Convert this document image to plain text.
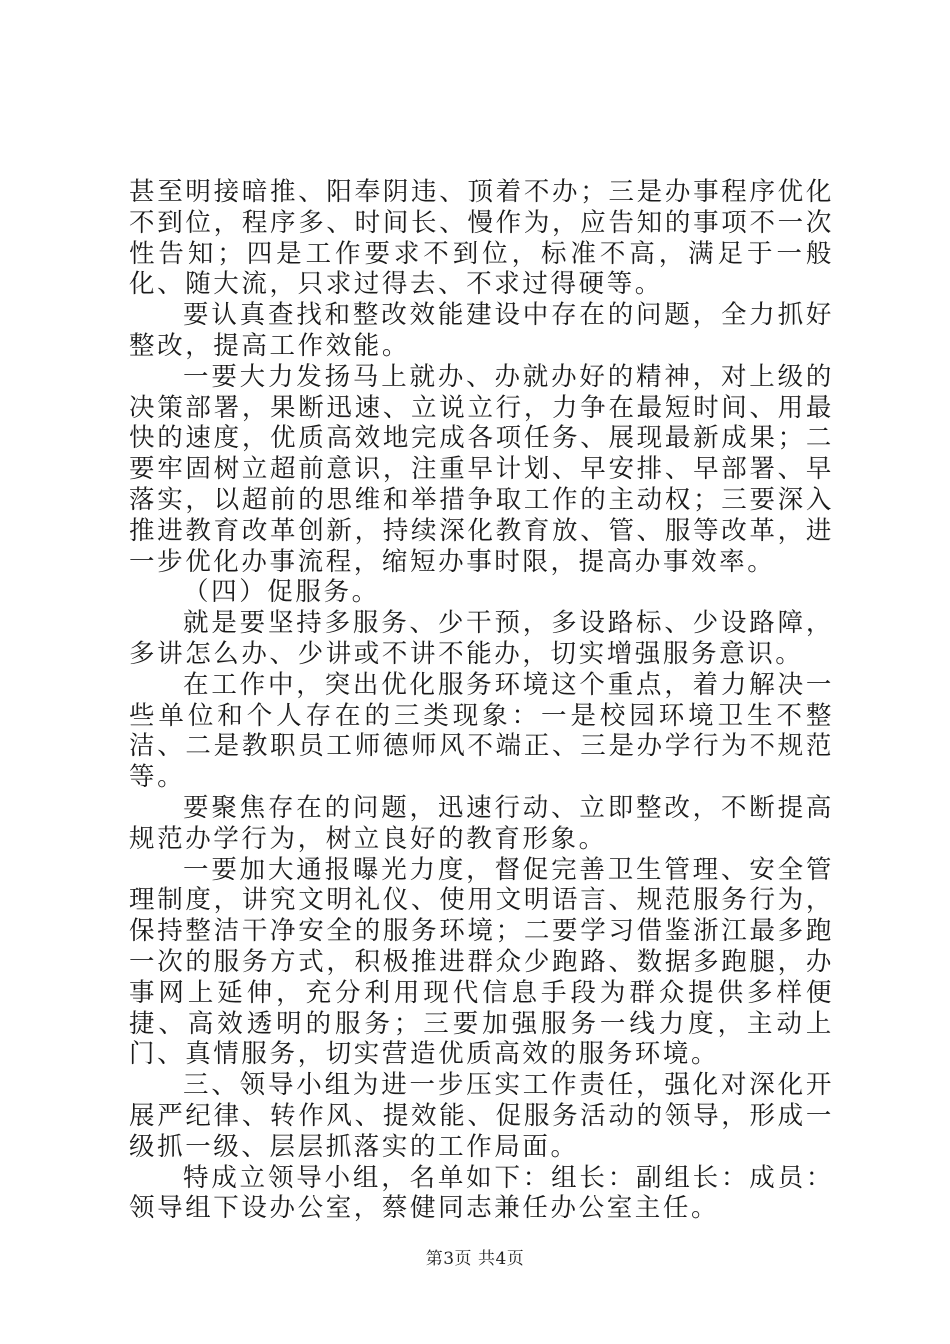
甚至明接暗推、阳奉阴违、顶着不办；三是办事程序优化不到位，程序多、时间长、慢作为，应告知的事项不一次性告知；四是工作要求不到位，标准不高，满足于一般化、随大流，只求过得去、不求过得硬等。

要认真查找和整改效能建设中存在的问题，全力抓好整改，提高工作效能。

一要大力发扬马上就办、办就办好的精神，对上级的决策部署，果断迅速、立说立行，力争在最短时间、用最快的速度，优质高效地完成各项任务、展现最新成果；二要牢固树立超前意识，注重早计划、早安排、早部署、早落实，以超前的思维和举措争取工作的主动权；三要深入推进教育改革创新，持续深化教育放、管、服等改革，进一步优化办事流程，缩短办事时限，提高办事效率。

（四）促服务。

就是要坚持多服务、少干预，多设路标、少设路障，多讲怎么办、少讲或不讲不能办，切实增强服务意识。

在工作中，突出优化服务环境这个重点，着力解决一些单位和个人存在的三类现象：一是校园环境卫生不整洁、二是教职员工师德师风不端正、三是办学行为不规范等。

要聚焦存在的问题，迅速行动、立即整改，不断提高规范办学行为，树立良好的教育形象。

一要加大通报曝光力度，督促完善卫生管理、安全管理制度，讲究文明礼仪、使用文明语言、规范服务行为，保持整洁干净安全的服务环境；二要学习借鉴浙江最多跑一次的服务方式，积极推进群众少跑路、数据多跑腿，办事网上延伸，充分利用现代信息手段为群众提供多样便捷、高效透明的服务；三要加强服务一线力度，主动上门、真情服务，切实营造优质高效的服务环境。

三、领导小组为进一步压实工作责任，强化对深化开展严纪律、转作风、提效能、促服务活动的领导，形成一级抓一级、层层抓落实的工作局面。

特成立领导小组，名单如下：组长：副组长：成员：领导组下设办公室，蔡健同志兼任办公室主任。

第3页 共4页
